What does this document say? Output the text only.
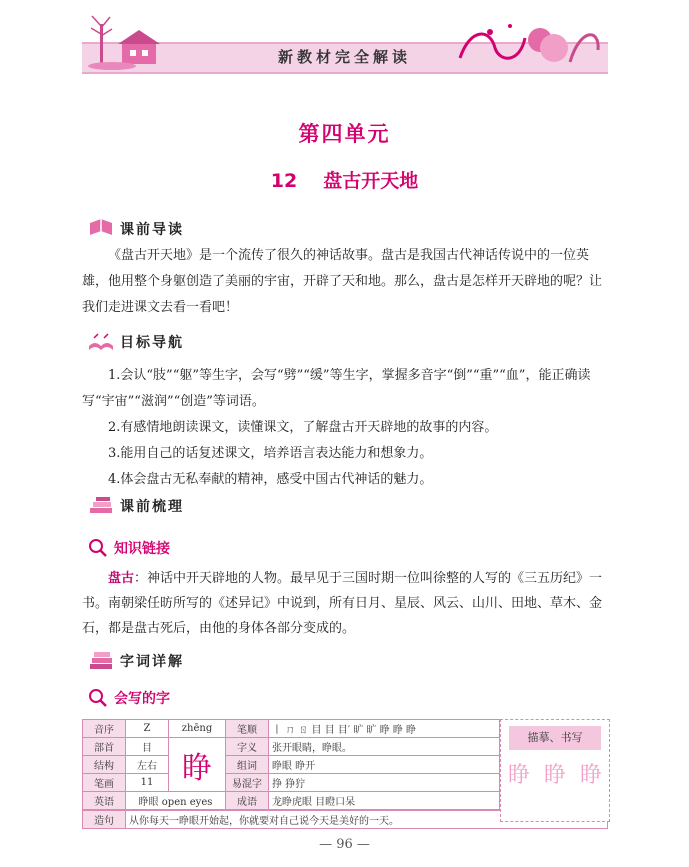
新教材完全解读
第四单元
12 盘古开天地
课前导读

《盘古开天地》是一个流传了很久的神话故事。盘古是我国古代神话传说中的一位英雄，他用整个身躯创造了美丽的宇宙，开辟了天和地。那么，盘古是怎样开天辟地的呢？让我们走进课文去看一看吧！

目标导航

1.会认“肢”“躯”等生字，会写“劈”“缓”等生字，掌握多音字“倒”“重”“血”，能正确读写“宇宙”“滋润”“创造”等词语。

2.有感情地朗读课文，读懂课文，了解盘古开天辟地的故事的内容。

3.能用自己的话复述课文，培养语言表达能力和想象力。

4.体会盘古无私奉献的精神，感受中国古代神话的魅力。

课前梳理
知识链接

盘古：神话中开天辟地的人物。最早见于三国时期一位叫徐整的人写的《三五历纪》一书。南朝梁任昉所写的《述异记》中说到，所有日月、星辰、风云、山川、田地、草木、金石，都是盘古死后，由他的身体各部分变成的。

字词详解
会写的字
音序	Z	zhēng	笔顺	丨 ㄇ ㄖ 目 目 目′ 旷 旷 睁 睁 睁
部首	目	睁	字义	张开眼睛，睁眼。
结构	左右		组词	睁眼 睁开
笔画	11		易混字	挣 狰狞
英语	睁眼 open eyes		成语	龙睁虎眼 目瞪口呆
造句	从你每天一睁眼开始起，你就要对自己说今天是美好的一天。
描摹、书写
睁 睁 睁
— 96 —
